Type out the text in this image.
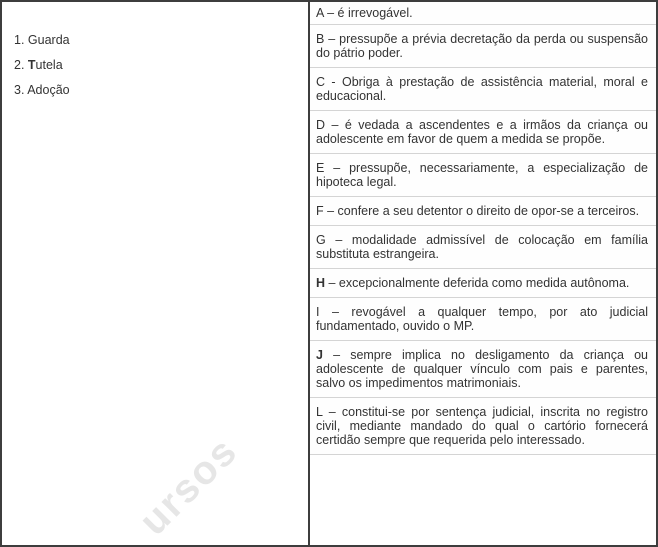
1. Guarda
2. Tutela
3. Adoção
ursos

A – é irrevogável.

B – pressupõe a prévia decretação da perda ou suspensão do pátrio poder.

C - Obriga à prestação de assistência material, moral e educacional.

D – é vedada a ascendentes e a irmãos da criança ou adolescente em favor de quem a medida se propõe.

E – pressupõe, necessariamente, a especialização de hipoteca legal.

F – confere a seu detentor o direito de opor-se a terceiros.

G – modalidade admissível de colocação em família substituta estrangeira.

H – excepcionalmente deferida como medida autônoma.

I – revogável a qualquer tempo, por ato judicial fundamentado, ouvido o MP.

J – sempre implica no desligamento da criança ou adolescente de qualquer vínculo com pais e parentes, salvo os impedimentos matrimoniais.

L – constitui-se por sentença judicial, inscrita no registro civil, mediante mandado do qual o cartório fornecerá certidão sempre que requerida pelo interessado.
